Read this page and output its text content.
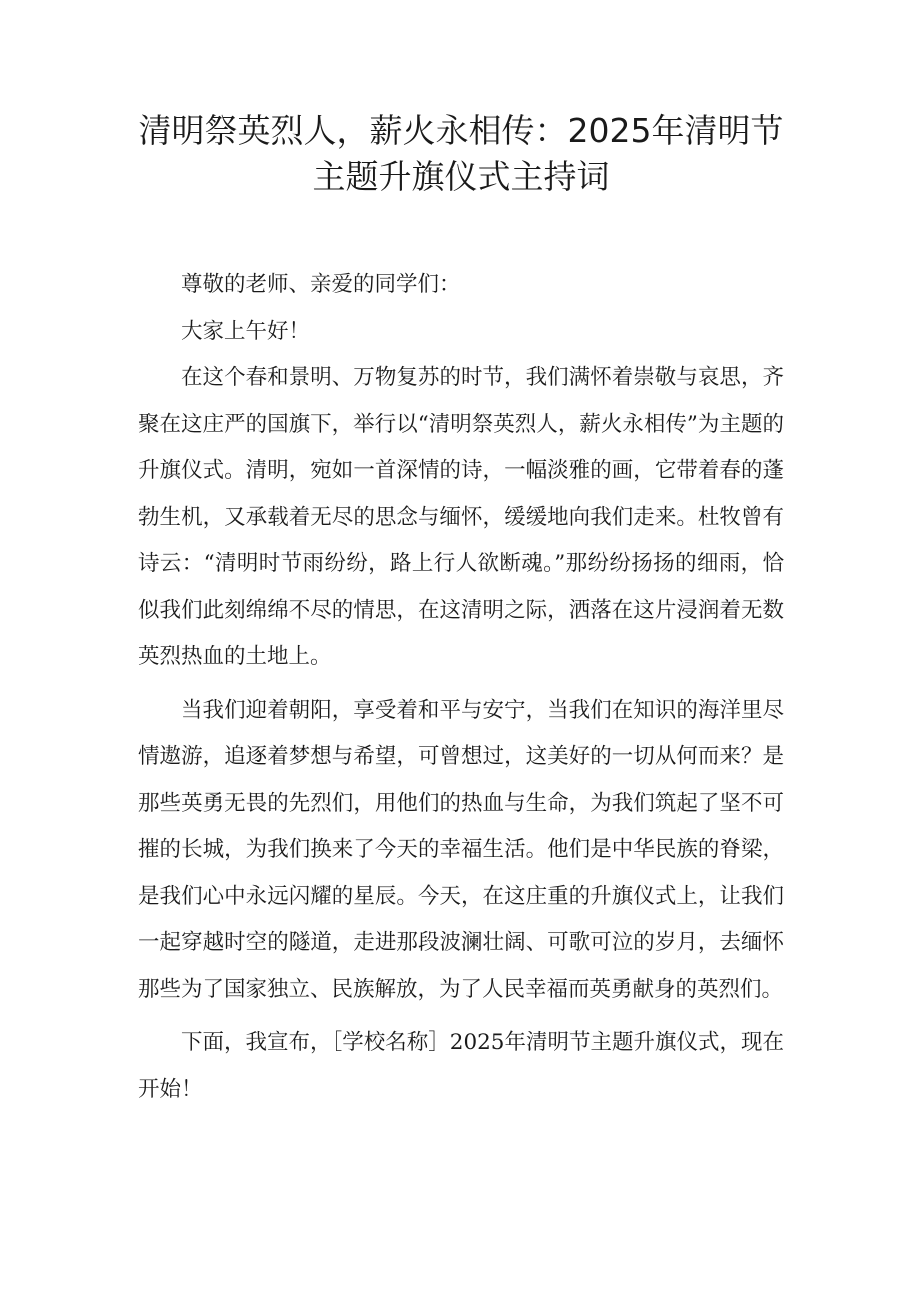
清明祭英烈人，薪火永相传：2025年清明节
主题升旗仪式主持词

尊敬的老师、亲爱的同学们：

大家上午好！

在这个春和景明、万物复苏的时节，我们满怀着崇敬与哀思，齐聚在这庄严的国旗下，举行以“清明祭英烈人，薪火永相传”为主题的升旗仪式。清明，宛如一首深情的诗，一幅淡雅的画，它带着春的蓬勃生机，又承载着无尽的思念与缅怀，缓缓地向我们走来。杜牧曾有诗云：“清明时节雨纷纷，路上行人欲断魂。”那纷纷扬扬的细雨，恰似我们此刻绵绵不尽的情思，在这清明之际，洒落在这片浸润着无数英烈热血的土地上。

当我们迎着朝阳，享受着和平与安宁，当我们在知识的海洋里尽情遨游，追逐着梦想与希望，可曾想过，这美好的一切从何而来？是那些英勇无畏的先烈们，用他们的热血与生命，为我们筑起了坚不可摧的长城，为我们换来了今天的幸福生活。他们是中华民族的脊梁，是我们心中永远闪耀的星辰。今天，在这庄重的升旗仪式上，让我们一起穿越时空的隧道，走进那段波澜壮阔、可歌可泣的岁月，去缅怀那些为了国家独立、民族解放，为了人民幸福而英勇献身的英烈们。

下面，我宣布，［学校名称］2025年清明节主题升旗仪式，现在开始！
